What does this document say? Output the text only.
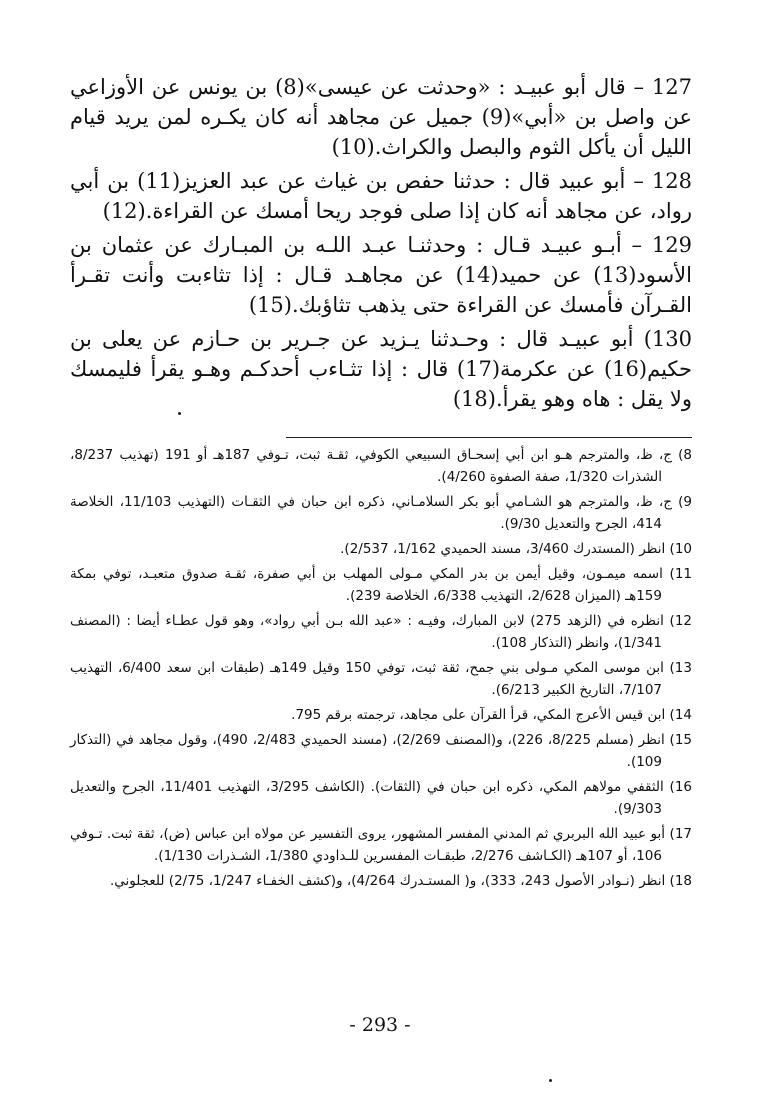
127 – قال أبو عبيـد : «وحدثت عن عيسى»(8) بن يونس عن الأوزاعي عن واصل بن «أبي»(9) جميل عن مجاهد أنه كان يكـره لمن يريد قيام الليل أن يأكل الثوم والبصل والكراث.(10)

128 – أبو عبيد قال : حدثنا حفص بن غياث عن عبد العزيز(11) بن أبي رواد، عن مجاهد أنه كان إذا صلى فوجد ريحا أمسك عن القراءة.(12)

129 – أبـو عبيـد قـال : وحدثنـا عبـد اللـه بن المبـارك عن عثمان بن الأسود(13) عن حميد(14) عن مجاهـد قـال : إذا تثاءبت وأنت تقـرأ القـرآن فأمسك عن القراءة حتى يذهب تثاؤبك.(15)

130) أبو عبيـد قال : وحـدثنا يـزيد عن جـرير بن حـازم عن يعلى بن حكيم(16) عن عكرمة(17) قال : إذا تثـاءب أحدكـم وهـو يقرأ فليمسك ولا يقل : هاه وهو يقرأ.(18)

8) ج، ظ، والمترجم هـو ابن أبي إسحـاق السبيعي الكوفي، ثقـة ثبت، تـوفي 187هـ أو 191 (تهذيب 8/237، الشذرات 1/320، صفة الصفوة 4/260).

9) ج، ظ، والمترجم هو الشـامي أبو بكر السلامـاني، ذكره ابن حبان في الثقـات (التهذيب 11/103، الخلاصة 414، الجرح والتعديل 9/30).

10) انظر (المستدرك 3/460، مسند الحميدي 1/162، 2/537).

11) اسمه ميمـون، وقيل أيمن بن بدر المكي مـولى المهلب بن أبي صفرة، ثقـة صدوق متعبـد، توفي بمكة 159هـ (الميزان 2/628، التهذيب 6/338، الخلاصة 239).

12) انظره في (الزهد 275) لابن المبارك، وفيـه : «عبد الله بـن أبي رواد»، وهو قول عطـاء أيضا : (المصنف 1/341)، وانظر (التذكار 108).

13) ابن موسى المكي مـولى بني جمح، ثقة ثبت، توفي 150 وقيل 149هـ (طبقات ابن سعد 6/400، التهذيب 7/107، التاريخ الكبير 6/213).

14) ابن قيس الأعرج المكي، قرأ القرآن على مجاهد، ترجمته برقم 795.

15) انظر (مسلم 8/225، 226)، و(المصنف 2/269)، (مسند الحميدي 2/483، 490)، وقول مجاهد في (التذكار 109).

16) الثقفي مولاهم المكي، ذكره ابن حبان في (الثقات). (الكاشف 3/295، التهذيب 11/401، الجرح والتعديل 9/303).

17) أبو عبيد الله البربري ثم المدني المفسر المشهور، يروى التفسير عن مولاه ابن عباس (ض)، ثقة ثبت. تـوفي 106، أو 107هـ (الكـاشف 2/276، طبقـات المفسرين للـداودي 1/380، الشـذرات 1/130).

18) انظر (نـوادر الأصول 243، 333)، و( المستـدرك 4/264)، و(كشف الخفـاء 1/247، 2/75) للعجلوني.

- 293 -
